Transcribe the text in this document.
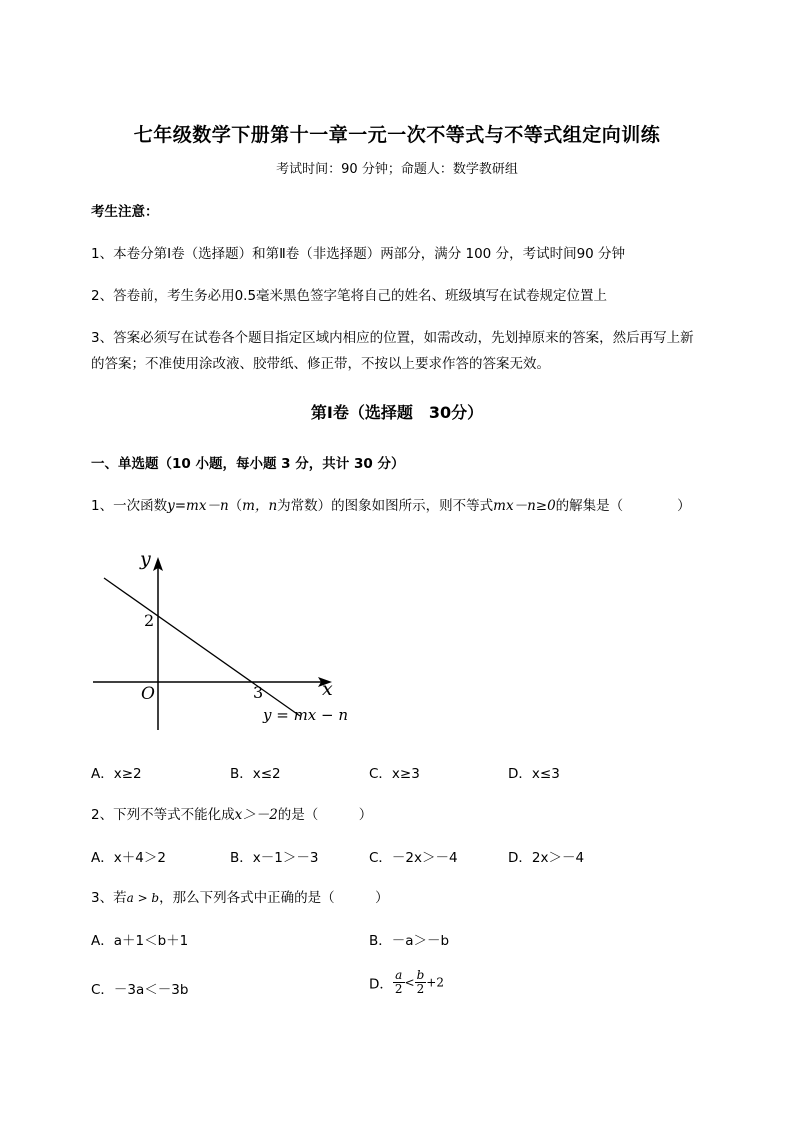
七年级数学下册第十一章一元一次不等式与不等式组定向训练
考试时间：90 分钟；命题人：数学教研组
考生注意：
1、本卷分第Ⅰ卷（选择题）和第Ⅱ卷（非选择题）两部分，满分 100 分，考试时间90 分钟
2、答卷前，考生务必用0.5毫米黑色签字笔将自己的姓名、班级填写在试卷规定位置上
3、答案必须写在试卷各个题目指定区域内相应的位置，如需改动，先划掉原来的答案，然后再写上新
的答案；不准使用涂改液、胶带纸、修正带，不按以上要求作答的答案无效。
第Ⅰ卷（选择题　30分）
一、单选题（10 小题，每小题 3 分，共计 30 分）
1、一次函数y=mx－n（m，n为常数）的图象如图所示，则不等式mx－n≥0的解集是（　　　　）
y
x
O
2
3
y = mx − n
A．x≥2	B．x≤2	C．x≥3	D．x≤3
2、下列不等式不能化成x＞－2的是（　　　）
A．x＋4＞2	B．x－1＞－3	C．－2x＞－4	D．2x＞－4
3、若a > b，那么下列各式中正确的是（　　　）
A．a＋1＜b＋1	B．－a＞－b
C．－3a＜－3b	D． $\frac{a}{2} < \frac{b}{2} +2$
